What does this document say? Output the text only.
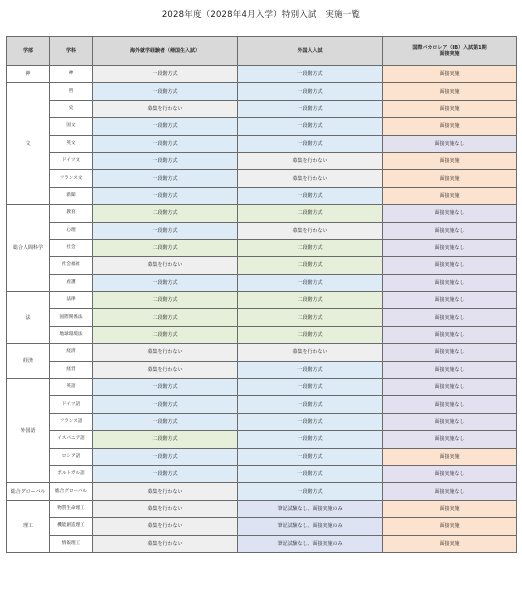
2028年度（2028年4月入学）特別入試　実施一覧
学部	学科	海外就学経験者（帰国生入試）	外国人入試	国際バカロレア（IB）入試第1期
面接実施

神	神	一段階方式	一段階方式	面接実施
文	哲	一段階方式	一段階方式	面接実施
	史	募集を行わない	一段階方式	面接実施
	国文	一段階方式	一段階方式	面接実施
	英文	一段階方式	一段階方式	面接実施なし
	ドイツ文	一段階方式	募集を行わない	面接実施
	フランス文	一段階方式	募集を行わない	面接実施
	新聞	一段階方式	一段階方式	面接実施
総合人間科学	教育	二段階方式	二段階方式	面接実施なし
	心理	一段階方式	募集を行わない	面接実施なし
	社会	二段階方式	二段階方式	面接実施なし
	社会福祉	募集を行わない	二段階方式	面接実施なし
	看護	一段階方式	一段階方式	面接実施なし
法	法律	二段階方式	二段階方式	面接実施なし
	国際関係法	二段階方式	二段階方式	面接実施なし
	地球環境法	二段階方式	二段階方式	面接実施なし
経済	経済	募集を行わない	募集を行わない	面接実施なし
	経営	募集を行わない	一段階方式	面接実施なし
外国語	英語	一段階方式	一段階方式	面接実施なし
	ドイツ語	一段階方式	一段階方式	面接実施なし
	フランス語	一段階方式	一段階方式	面接実施なし
	イスパニア語	二段階方式	一段階方式	面接実施なし
	ロシア語	一段階方式	一段階方式	面接実施
	ポルトガル語	一段階方式	一段階方式	面接実施なし
総合グローバル	総合グローバル	募集を行わない	一段階方式	面接実施なし
理工	物質生命理工	募集を行わない	筆記試験なし、面接実施のみ	面接実施
	機能創造理工	募集を行わない	筆記試験なし、面接実施のみ	面接実施
	情報理工	募集を行わない	筆記試験なし、面接実施のみ	面接実施
